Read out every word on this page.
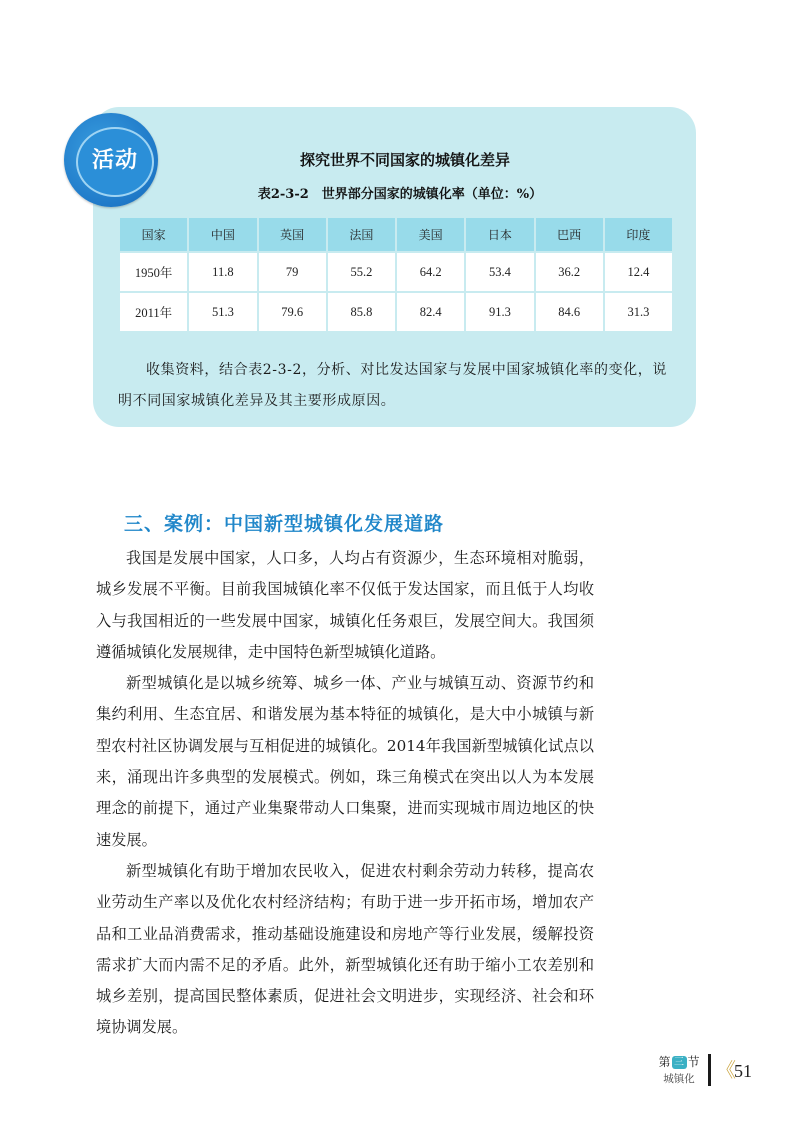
活动	探究世界不同国家的城镇化差异
表2-3-2　世界部分国家的城镇化率（单位：%）
国家	中国	英国	法国	美国	日本	巴西	印度
1950年	11.8	79	55.2	64.2	53.4	36.2	12.4
2011年	51.3	79.6	85.8	82.4	91.3	84.6	31.3
收集资料，结合表2-3-2，分析、对比发达国家与发展中国家城镇化率的变化，说明不同国家城镇化差异及其主要形成原因。
三、案例：中国新型城镇化发展道路

我国是发展中国家，人口多，人均占有资源少，生态环境相对脆弱，城乡发展不平衡。目前我国城镇化率不仅低于发达国家，而且低于人均收入与我国相近的一些发展中国家，城镇化任务艰巨，发展空间大。我国须遵循城镇化发展规律，走中国特色新型城镇化道路。

新型城镇化是以城乡统筹、城乡一体、产业与城镇互动、资源节约和集约利用、生态宜居、和谐发展为基本特征的城镇化，是大中小城镇与新型农村社区协调发展与互相促进的城镇化。2014年我国新型城镇化试点以来，涌现出许多典型的发展模式。例如，珠三角模式在突出以人为本发展理念的前提下，通过产业集聚带动人口集聚，进而实现城市周边地区的快速发展。

新型城镇化有助于增加农民收入，促进农村剩余劳动力转移，提高农业劳动生产率以及优化农村经济结构；有助于进一步开拓市场，增加农产品和工业品消费需求，推动基础设施建设和房地产等行业发展，缓解投资需求扩大而内需不足的矛盾。此外，新型城镇化还有助于缩小工农差别和城乡差别，提高国民整体素质，促进社会文明进步，实现经济、社会和环境协调发展。

第 三 节
城镇化	《
51
